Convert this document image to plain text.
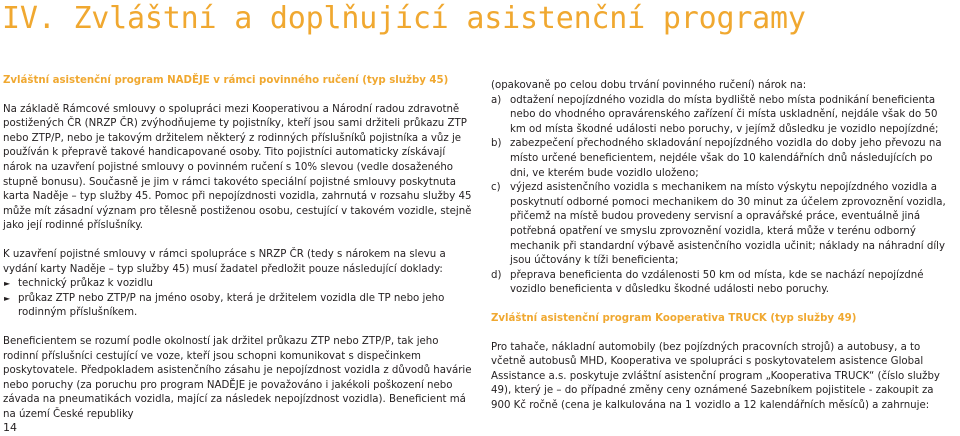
IV. Zvláštní a doplňující asistenční programy

Zvláštní asistenční program NADĚJE v rámci povinného ručení (typ služby 45)

Na základě Rámcové smlouvy o spolupráci mezi Kooperativou a Národní radou zdravotně postižených ČR (NRZP ČR) zvýhodňujeme ty pojistníky, kteří jsou sami držiteli průkazu ZTP nebo ZTP/P, nebo je takovým držitelem některý z rodinných příslušníků pojistníka a vůz je používán k přepravě takové handicapované osoby. Tito pojistníci automaticky získávají nárok na uzavření pojistné smlouvy o povinném ručení s 10% slevou (vedle dosaženého stupně bonusu). Současně je jim v rámci takovéto speciální pojistné smlouvy poskytnuta karta Naděje – typ služby 45. Pomoc při nepojízdnosti vozidla, zahrnutá v rozsahu služby 45 může mít zásadní význam pro tělesně postiženou osobu, cestující v takovém vozidle, stejně jako její rodinné příslušníky.

K uzavření pojistné smlouvy v rámci spolupráce s NRZP ČR (tedy s nárokem na slevu a vydání karty Naděje – typ služby 45) musí žadatel předložit pouze následující doklady:

► technický průkaz k vozidlu
► průkaz ZTP nebo ZTP/P na jméno osoby, která je držitelem vozidla dle TP nebo jeho rodinným příslušníkem.

Beneficientem se rozumí podle okolností jak držitel průkazu ZTP nebo ZTP/P, tak jeho rodinní příslušníci cestující ve voze, kteří jsou schopni komunikovat s dispečinkem poskytovatele. Předpokladem asistenčního zásahu je nepojízdnost vozidla z důvodů havárie nebo poruchy (za poruchu pro program NADĚJE je považováno i jakékoli poškození nebo závada na pneumatikách vozidla, mající za následek nepojízdnost vozidla). Beneficient má na území České republiky

(opakovaně po celou dobu trvání povinného ručení) nárok na:

a) odtažení nepojízdného vozidla do místa bydliště nebo místa podnikání beneficienta nebo do vhodného opravárenského zařízení či místa uskladnění, nejdále však do 50 km od místa škodné události nebo poruchy, v jejímž důsledku je vozidlo nepojízdné;
b) zabezpečení přechodného skladování nepojízdného vozidla do doby jeho převozu na místo určené beneficientem, nejdéle však do 10 kalendářních dnů následujících po dni, ve kterém bude vozidlo uloženo;
c) výjezd asistenčního vozidla s mechanikem na místo výskytu nepojízdného vozidla a poskytnutí odborné pomoci mechanikem do 30 minut za účelem zprovoznění vozidla, přičemž na místě budou provedeny servisní a opravářské práce, eventuálně jiná potřebná opatření ve smyslu zprovoznění vozidla, která může v terénu odborný mechanik při standardní výbavě asistenčního vozidla učinit; náklady na náhradní díly jsou účtovány k tíži beneficienta;
d) přeprava beneficienta do vzdálenosti 50 km od místa, kde se nachází nepojízdné vozidlo beneficienta v důsledku škodné události nebo poruchy.

Zvláštní asistenční program Kooperativa TRUCK (typ služby 49)

Pro tahače, nákladní automobily (bez pojízdných pracovních strojů) a autobusy, a to včetně autobusů MHD, Kooperativa ve spolupráci s poskytovatelem asistence Global Assistance a.s. poskytuje zvláštní asistenční program „Kooperativa TRUCK“ (číslo služby 49), který je – do případné změny ceny oznámené Sazebníkem pojistitele - zakoupit za 900 Kč ročně (cena je kalkulována na 1 vozidlo a 12 kalendářních měsíců) a zahrnuje:

14
